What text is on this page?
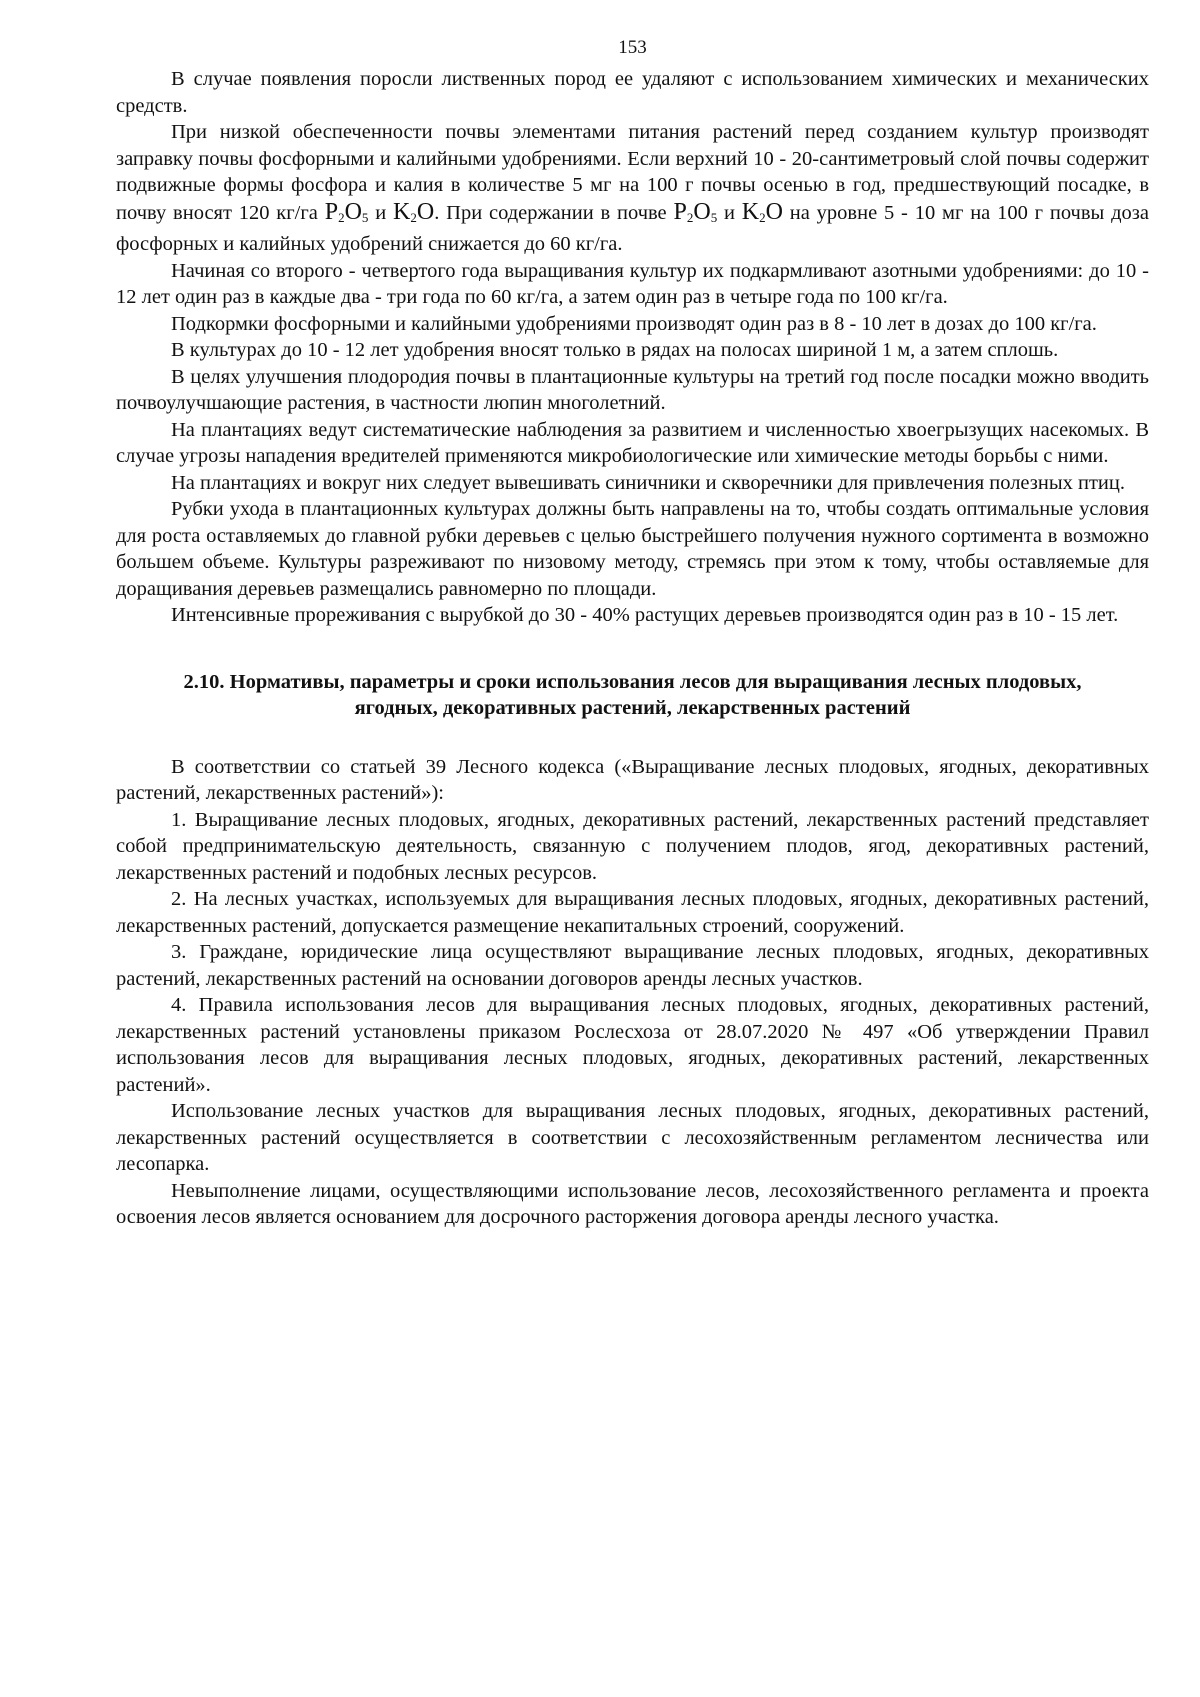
153

В случае появления поросли лиственных пород ее удаляют с использованием химических и механических средств.

При низкой обеспеченности почвы элементами питания растений перед созданием культур производят заправку почвы фосфорными и калийными удобрениями. Если верхний 10 - 20-сантиметровый слой почвы содержит подвижные формы фосфора и калия в количестве 5 мг на 100 г почвы осенью в год, предшествующий посадке, в почву вносят 120 кг/га $P_2O_5$ и $K_2O$. При содержании в почве $P_2O_5$ и $K_2O$ на уровне 5 - 10 мг на 100 г почвы доза фосфорных и калийных удобрений снижается до 60 кг/га.

Начиная со второго - четвертого года выращивания культур их подкармливают азотными удобрениями: до 10 - 12 лет один раз в каждые два - три года по 60 кг/га, а затем один раз в четыре года по 100 кг/га.

Подкормки фосфорными и калийными удобрениями производят один раз в 8 - 10 лет в дозах до 100 кг/га.

В культурах до 10 - 12 лет удобрения вносят только в рядах на полосах шириной 1 м, а затем сплошь.

В целях улучшения плодородия почвы в плантационные культуры на третий год после посадки можно вводить почвоулучшающие растения, в частности люпин многолетний.

На плантациях ведут систематические наблюдения за развитием и численностью хвоегрызущих насекомых. В случае угрозы нападения вредителей применяются микробиологические или химические методы борьбы с ними.

На плантациях и вокруг них следует вывешивать синичники и скворечники для привлечения полезных птиц.

Рубки ухода в плантационных культурах должны быть направлены на то, чтобы создать оптимальные условия для роста оставляемых до главной рубки деревьев с целью быстрейшего получения нужного сортимента в возможно большем объеме. Культуры разреживают по низовому методу, стремясь при этом к тому, чтобы оставляемые для доращивания деревьев размещались равномерно по площади.

Интенсивные прореживания с вырубкой до 30 - 40% растущих деревьев производятся один раз в 10 - 15 лет.

2.10. Нормативы, параметры и сроки использования лесов для выращивания лесных плодовых, ягодных, декоративных растений, лекарственных растений

В соответствии со статьей 39 Лесного кодекса («Выращивание лесных плодовых, ягодных, декоративных растений, лекарственных растений»):

1. Выращивание лесных плодовых, ягодных, декоративных растений, лекарственных растений представляет собой предпринимательскую деятельность, связанную с получением плодов, ягод, декоративных растений, лекарственных растений и подобных лесных ресурсов.

2. На лесных участках, используемых для выращивания лесных плодовых, ягодных, декоративных растений, лекарственных растений, допускается размещение некапитальных строений, сооружений.

3. Граждане, юридические лица осуществляют выращивание лесных плодовых, ягодных, декоративных растений, лекарственных растений на основании договоров аренды лесных участков.

4. Правила использования лесов для выращивания лесных плодовых, ягодных, декоративных растений, лекарственных растений установлены приказом Рослесхоза от 28.07.2020 № 497 «Об утверждении Правил использования лесов для выращивания лесных плодовых, ягодных, декоративных растений, лекарственных растений».

Использование лесных участков для выращивания лесных плодовых, ягодных, декоративных растений, лекарственных растений осуществляется в соответствии с лесохозяйственным регламентом лесничества или лесопарка.

Невыполнение лицами, осуществляющими использование лесов, лесохозяйственного регламента и проекта освоения лесов является основанием для досрочного расторжения договора аренды лесного участка.
